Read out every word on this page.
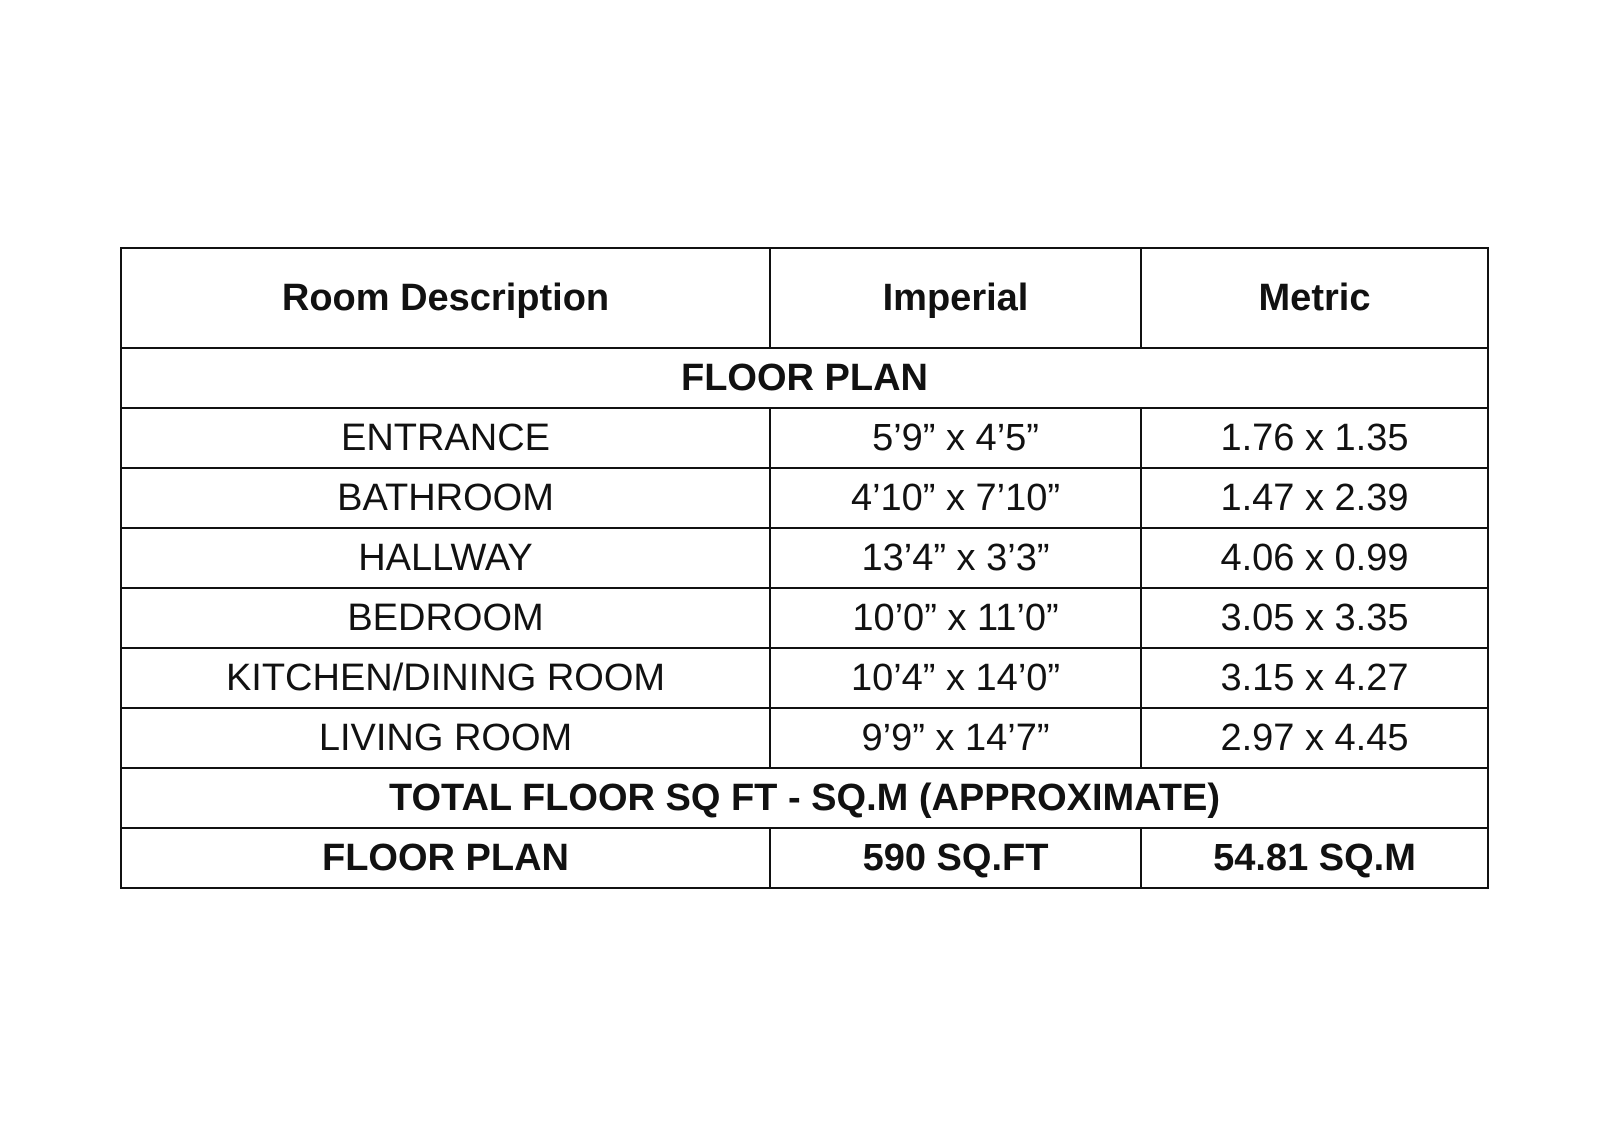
Room Description	Imperial	Metric
FLOOR PLAN		
ENTRANCE	5’9” x 4’5”	1.76 x 1.35
BATHROOM	4’10” x 7’10”	1.47 x 2.39
HALLWAY	13’4” x 3’3”	4.06 x 0.99
BEDROOM	10’0” x 11’0”	3.05 x 3.35
KITCHEN/DINING ROOM	10’4” x 14’0”	3.15 x 4.27
LIVING ROOM	9’9” x 14’7”	2.97 x 4.45
TOTAL FLOOR SQ FT - SQ.M (APPROXIMATE)		
FLOOR PLAN	590 SQ.FT	54.81 SQ.M
